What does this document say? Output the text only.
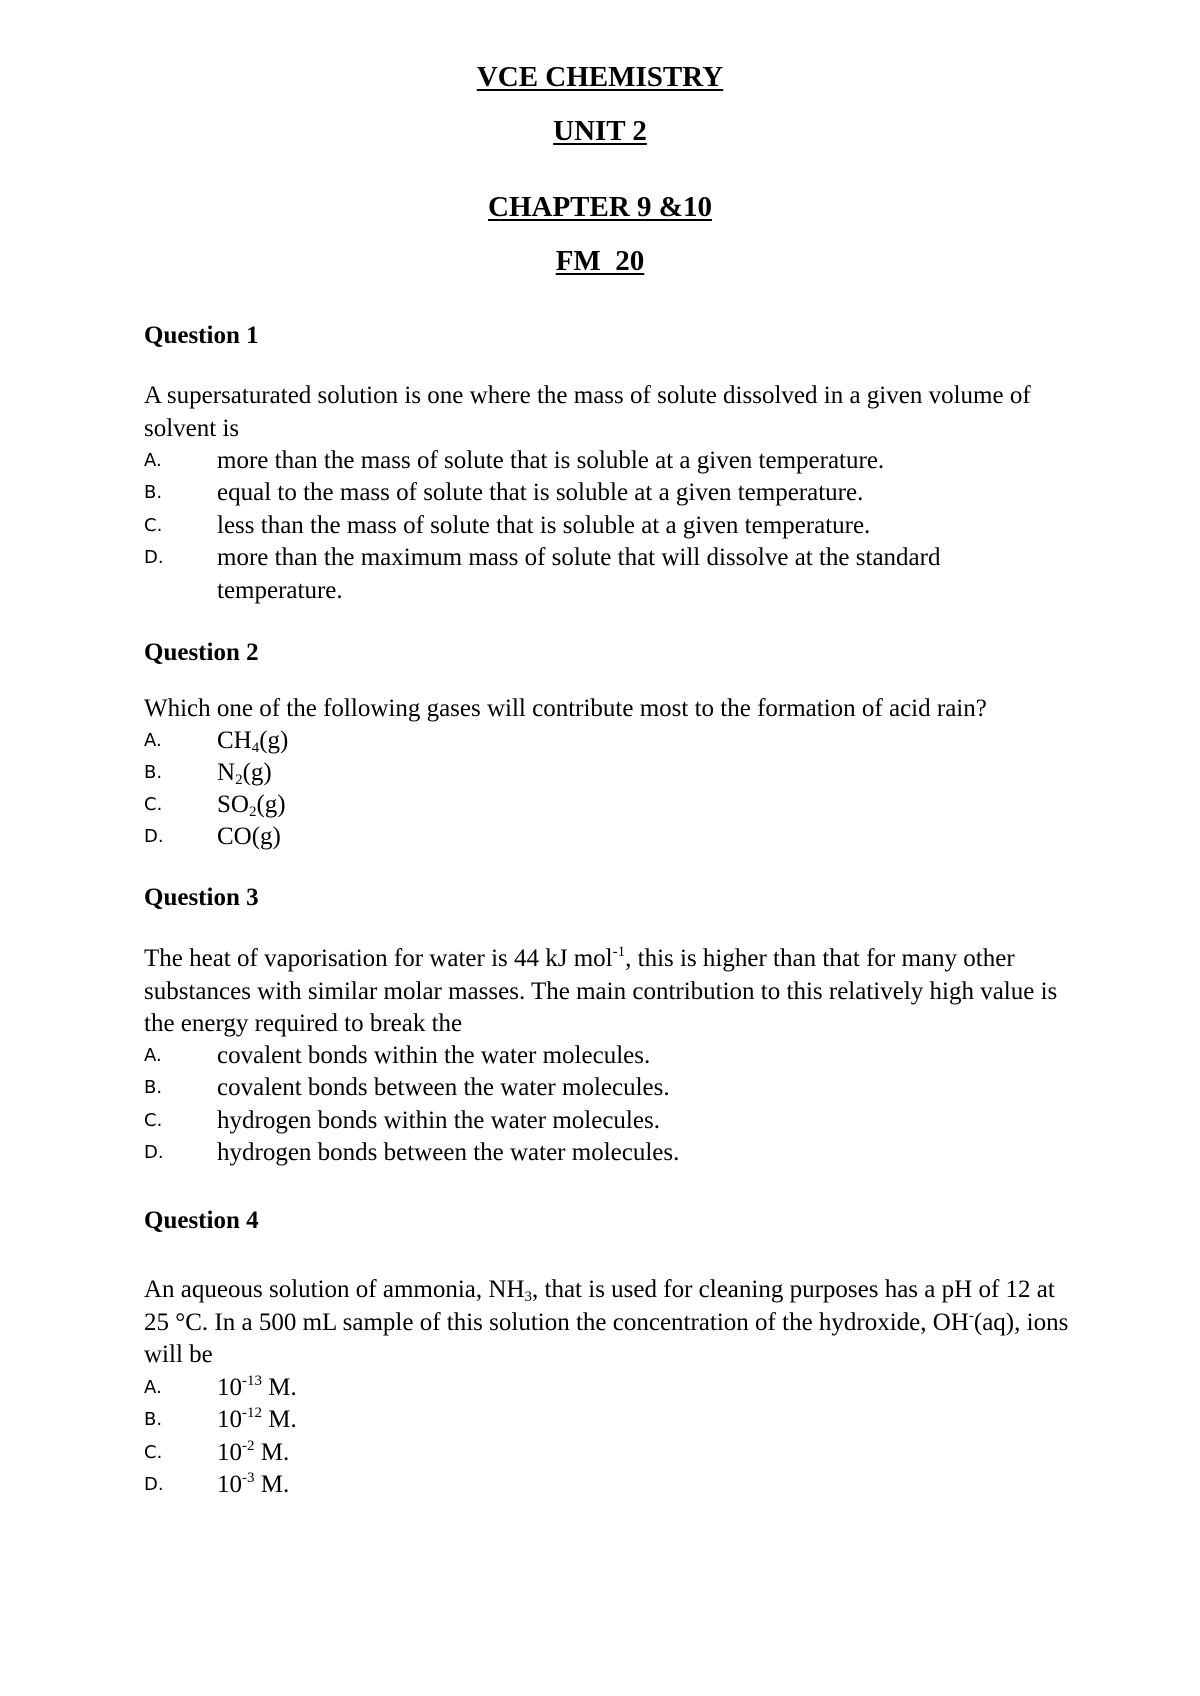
VCE CHEMISTRY
UNIT 2
CHAPTER 9 &10
FM  20
Question 1
A supersaturated solution is one where the mass of solute dissolved in a given volume of solvent is
A. more than the mass of solute that is soluble at a given temperature.
B. equal to the mass of solute that is soluble at a given temperature.
C. less than the mass of solute that is soluble at a given temperature.
D. more than the maximum mass of solute that will dissolve at the standard temperature.
Question 2
Which one of the following gases will contribute most to the formation of acid rain?
A. $CH_4(g)$
B. $N_2(g)$
C. $SO_2(g)$
D. CO(g)
Question 3
The heat of vaporisation for water is 44 kJ mol$^{-1}$, this is higher than that for many other substances with similar molar masses. The main contribution to this relatively high value is the energy required to break the
A. covalent bonds within the water molecules.
B. covalent bonds between the water molecules.
C. hydrogen bonds within the water molecules.
D. hydrogen bonds between the water molecules.
Question 4
An aqueous solution of ammonia, $NH_3$, that is used for cleaning purposes has a pH of 12 at 25 °C. In a 500 mL sample of this solution the concentration of the hydroxide, OH-(aq), ions will be
A. $10^{-13}$ M.
B. $10^{-12}$ M.
C. $10^{-2}$ M.
D. $10^{-3}$ M.
